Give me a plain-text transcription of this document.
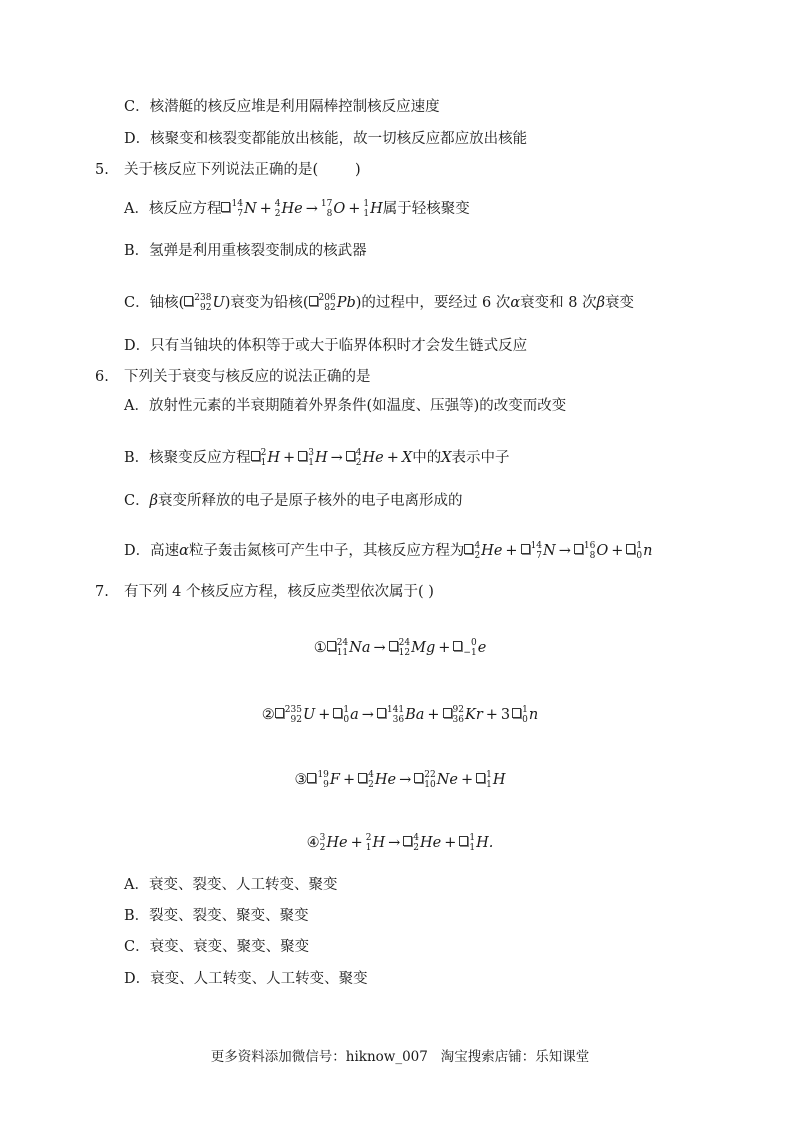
C．核潜艇的核反应堆是利用隔棒控制核反应速度
D．核聚变和核裂变都能放出核能，故一切核反应都应放出核能
5. 关于核反应下列说法正确的是(        )
A．核反应方程 14
7 N + 4
2 He → 17
8 O + 1
1 H属于轻核聚变
B．氢弹是利用重核裂变制成的核武器
C．铀核( 238
92 U)衰变为铅核( 206
82 Pb)的过程中，要经过 6 次α衰变和 8 次β衰变
D．只有当铀块的体积等于或大于临界体积时才会发生链式反应
6. 下列关于衰变与核反应的说法正确的是
A．放射性元素的半衰期随着外界条件(如温度、压强等)的改变而改变
B．核聚变反应方程 2
1 H + 3
1 H → 4
2 He + X中的X表示中子
C．β衰变所释放的电子是原子核外的电子电离形成的
D．高速α粒子轰击氮核可产生中子，其核反应方程为 4
2 He + 14
7 N → 16
8 O + 1
0 n
7. 有下列 4 个核反应方程，核反应类型依次属于( )
① 24
11 Na → 24
12 Mg +	0
−1 e
② 235
92 U + 1
0 a → 141
36 Ba + 92
36 Kr + 3 1
0 n
③ 19
9 F + 4
2 He → 22
10 Ne + 1
1 H
④ 3
2 He + 2
1 H → 4
2 He + 1
1 H.
A．衰变、裂变、人工转变、聚变
B．裂变、裂变、聚变、聚变
C．衰变、衰变、聚变、聚变
D．衰变、人工转变、人工转变、聚变
更多资料添加微信号：hiknow_007   淘宝搜索店铺：乐知课堂
